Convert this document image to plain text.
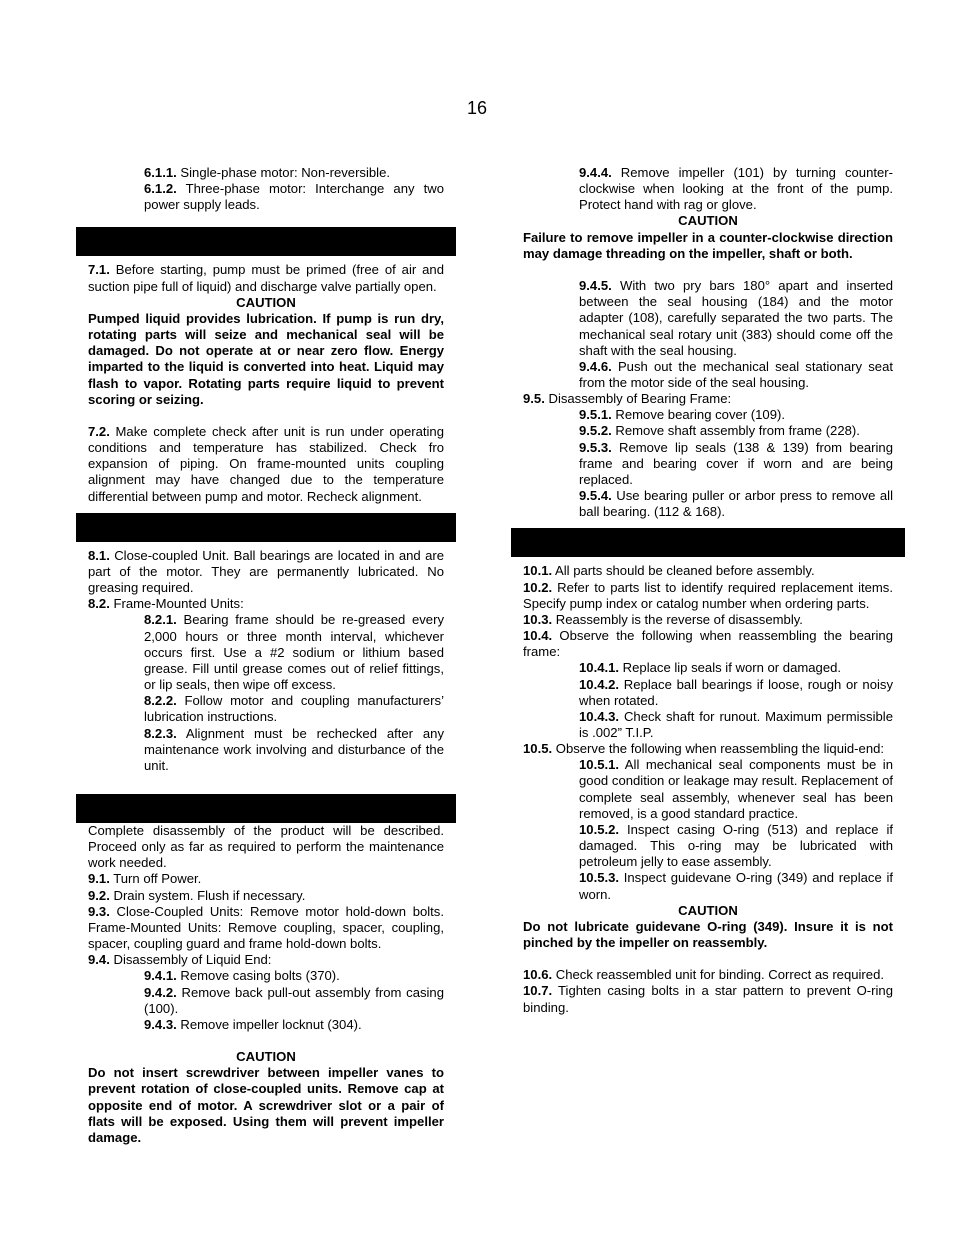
16

6.1.1. Single-phase motor: Non-reversible.

6.1.2. Three-phase motor: Interchange any two power supply leads.

7.1. Before starting, pump must be primed (free of air and suction pipe full of liquid) and discharge valve partially open.

CAUTION

Pumped liquid provides lubrication. If pump is run dry, rotating parts will seize and mechanical seal will be damaged. Do not operate at or near zero flow. Energy imparted to the liquid is converted into heat. Liquid may flash to vapor. Rotating parts require liquid to prevent scoring or seizing.

7.2. Make complete check after unit is run under operating conditions and temperature has stabilized. Check fro expansion of piping. On frame-mounted units coupling alignment may have changed due to the temperature differential between pump and motor. Recheck alignment.

8.1. Close-coupled Unit. Ball bearings are located in and are part of the motor. They are permanently lubricated. No greasing required.

8.2. Frame-Mounted Units:

8.2.1. Bearing frame should be re-greased every 2,000 hours or three month interval, whichever occurs first. Use a #2 sodium or lithium based grease. Fill until grease comes out of relief fittings, or lip seals, then wipe off excess.

8.2.2. Follow motor and coupling manufacturers’ lubrication instructions.

8.2.3. Alignment must be rechecked after any maintenance work involving and disturbance of the unit.

Complete disassembly of the product will be described. Proceed only as far as required to perform the maintenance work needed.

9.1. Turn off Power.

9.2. Drain system. Flush if necessary.

9.3. Close-Coupled Units: Remove motor hold-down bolts. Frame-Mounted Units: Remove coupling, spacer, coupling, spacer, coupling guard and frame hold-down bolts.

9.4. Disassembly of Liquid End:

9.4.1. Remove casing bolts (370).

9.4.2. Remove back pull-out assembly from casing (100).

9.4.3. Remove impeller locknut (304).

CAUTION

Do not insert screwdriver between impeller vanes to prevent rotation of close-coupled units. Remove cap at opposite end of motor. A screwdriver slot or a pair of flats will be exposed. Using them will prevent impeller damage.

9.4.4. Remove impeller (101) by turning counter-clockwise when looking at the front of the pump. Protect hand with rag or glove.

CAUTION

Failure to remove impeller in a counter-clockwise direction may damage threading on the impeller, shaft or both.

9.4.5. With two pry bars 180° apart and inserted between the seal housing (184) and the motor adapter (108), carefully separated the two parts. The mechanical seal rotary unit (383) should come off the shaft with the seal housing.

9.4.6. Push out the mechanical seal stationary seat from the motor side of the seal housing.

9.5. Disassembly of Bearing Frame:

9.5.1. Remove bearing cover (109).

9.5.2. Remove shaft assembly from frame (228).

9.5.3. Remove lip seals (138 & 139) from bearing frame and bearing cover if worn and are being replaced.

9.5.4. Use bearing puller or arbor press to remove all ball bearing. (112 & 168).

10.1. All parts should be cleaned before assembly.

10.2. Refer to parts list to identify required replacement items. Specify pump index or catalog number when ordering parts.

10.3. Reassembly is the reverse of disassembly.

10.4. Observe the following when reassembling the bearing frame:

10.4.1. Replace lip seals if worn or damaged.

10.4.2. Replace ball bearings if loose, rough or noisy when rotated.

10.4.3. Check shaft for runout. Maximum permissible is .002” T.I.P.

10.5. Observe the following when reassembling the liquid-end:

10.5.1. All mechanical seal components must be in good condition or leakage may result. Replacement of complete seal assembly, whenever seal has been removed, is a good standard practice.

10.5.2. Inspect casing O-ring (513) and replace if damaged. This o-ring may be lubricated with petroleum jelly to ease assembly.

10.5.3. Inspect guidevane O-ring (349) and replace if worn.

CAUTION

Do not lubricate guidevane O-ring (349). Insure it is not pinched by the impeller on reassembly.

10.6. Check reassembled unit for binding. Correct as required.

10.7. Tighten casing bolts in a star pattern to prevent O-ring binding.
